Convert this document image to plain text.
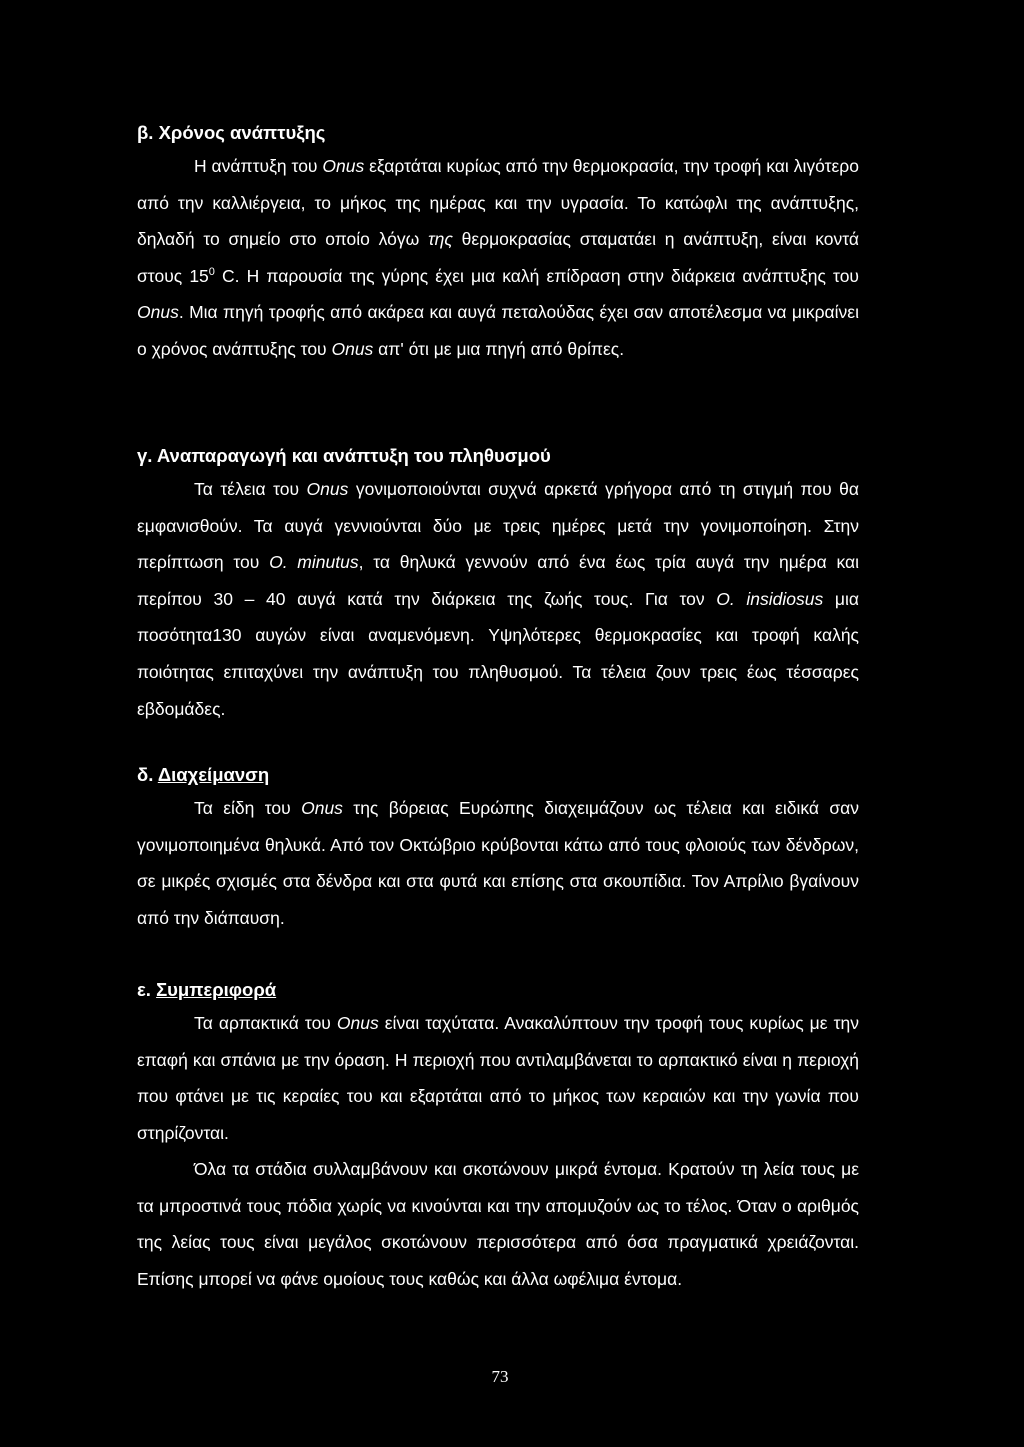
β. Χρόνος ανάπτυξης

Η ανάπτυξη του Onus εξαρτάται κυρίως από την θερμοκρασία, την τροφή και λιγότερο από την καλλιέργεια, το μήκος της ημέρας και την υγρασία. Το κατώφλι της ανάπτυξης, δηλαδή το σημείο στο οποίο λόγω της θερμοκρασίας σταματάει η ανάπτυξη, είναι κοντά στους $15^0$ C. Η παρουσία της γύρης έχει μια καλή επίδραση στην διάρκεια ανάπτυξης του Onus. Μια πηγή τροφής από ακάρεα και αυγά πεταλούδας έχει σαν αποτέλεσμα να μικραίνει ο χρόνος ανάπτυξης του Onus απ' ότι με μια πηγή από θρίπες.

γ. Αναπαραγωγή και ανάπτυξη του πληθυσμού

Τα τέλεια του Onus γονιμοποιούνται συχνά αρκετά γρήγορα από τη στιγμή που θα εμφανισθούν. Τα αυγά γεννιούνται δύο με τρεις ημέρες μετά την γονιμοποίηση. Στην περίπτωση του O. minutus, τα θηλυκά γεννούν από ένα έως τρία αυγά την ημέρα και περίπου 30 – 40 αυγά κατά την διάρκεια της ζωής τους. Για τον O. insidiosus μια ποσότητα130 αυγών είναι αναμενόμενη. Υψηλότερες θερμοκρασίες και τροφή καλής ποιότητας επιταχύνει την ανάπτυξη του πληθυσμού. Τα τέλεια ζουν τρεις έως τέσσαρες εβδομάδες.

δ. Διαχείμανση

Τα είδη του Onus της βόρειας Ευρώπης διαχειμάζουν ως τέλεια και ειδικά σαν γονιμοποιημένα θηλυκά. Από τον Οκτώβριο κρύβονται κάτω από τους φλοιούς των δένδρων, σε μικρές σχισμές στα δένδρα και στα φυτά και επίσης στα σκουπίδια. Τον Απρίλιο βγαίνουν από την διάπαυση.

ε. Συμπεριφορά

Τα αρπακτικά του Onus είναι ταχύτατα. Ανακαλύπτουν την τροφή τους κυρίως με την επαφή και σπάνια με την όραση. Η περιοχή που αντιλαμβάνεται το αρπακτικό είναι η περιοχή που φτάνει με τις κεραίες του και εξαρτάται από το μήκος των κεραιών και την γωνία που στηρίζονται.

Όλα τα στάδια συλλαμβάνουν και σκοτώνουν μικρά έντομα. Κρατούν τη λεία τους με τα μπροστινά τους πόδια χωρίς να κινούνται και την απομυζούν ως το τέλος. Όταν ο αριθμός της λείας τους είναι μεγάλος σκοτώνουν περισσότερα από όσα πραγματικά χρειάζονται. Επίσης μπορεί να φάνε ομοίους τους καθώς και άλλα ωφέλιμα έντομα.

73
